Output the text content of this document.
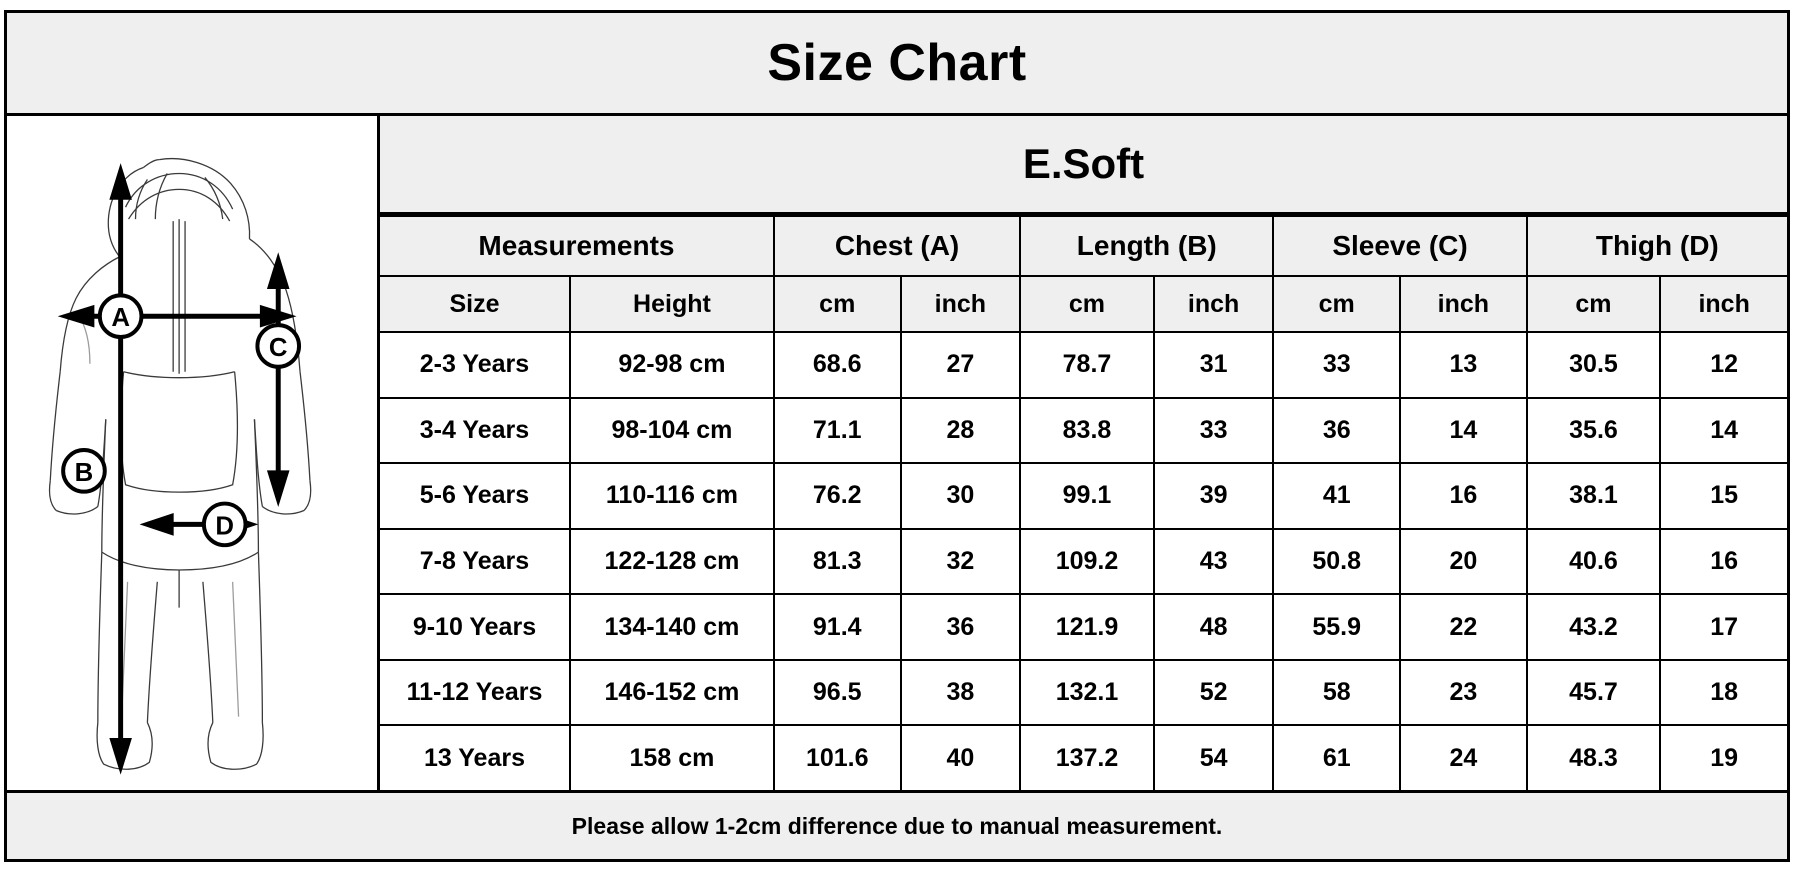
Size Chart
A
B
C
D
E.Soft
Measurements		Chest (A)		Length (B)		Sleeve (C)		Thigh (D)	
Size	Height	cm	inch	cm	inch	cm	inch	cm	inch
2-3 Years	92-98 cm	68.6	27	78.7	31	33	13	30.5	12
3-4 Years	98-104 cm	71.1	28	83.8	33	36	14	35.6	14
5-6 Years	110-116 cm	76.2	30	99.1	39	41	16	38.1	15
7-8 Years	122-128 cm	81.3	32	109.2	43	50.8	20	40.6	16
9-10 Years	134-140 cm	91.4	36	121.9	48	55.9	22	43.2	17
11-12 Years	146-152 cm	96.5	38	132.1	52	58	23	45.7	18
13 Years	158 cm	101.6	40	137.2	54	61	24	48.3	19
Please allow 1-2cm difference due to manual measurement.
